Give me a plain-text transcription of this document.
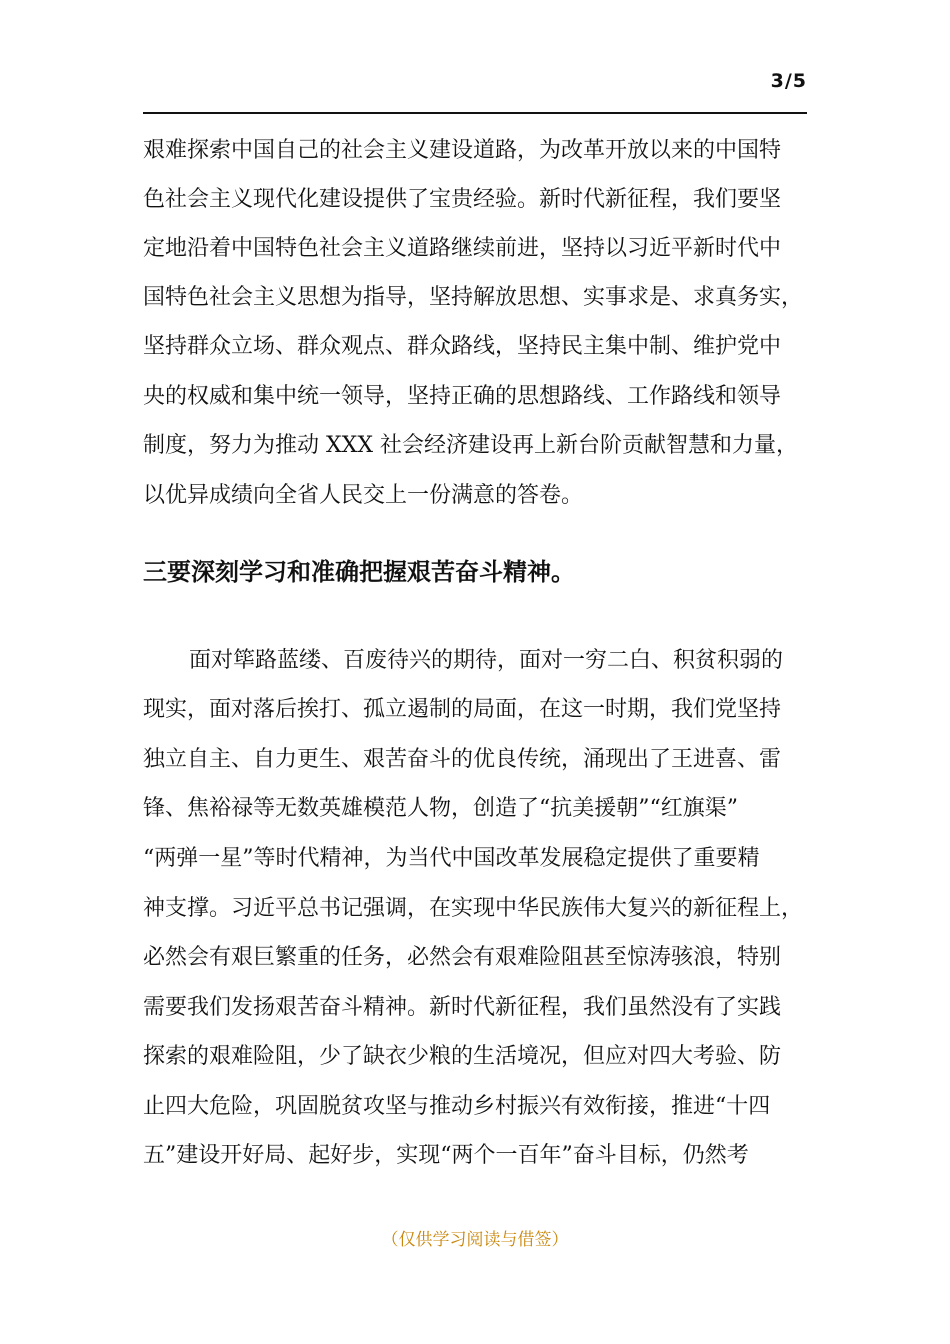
3/5
艰难探索中国自己的社会主义建设道路，为改革开放以来的中国特
色社会主义现代化建设提供了宝贵经验。新时代新征程，我们要坚
定地沿着中国特色社会主义道路继续前进，坚持以习近平新时代中
国特色社会主义思想为指导，坚持解放思想、实事求是、求真务实，
坚持群众立场、群众观点、群众路线，坚持民主集中制、维护党中
央的权威和集中统一领导，坚持正确的思想路线、工作路线和领导
制度，努力为推动 XXX 社会经济建设再上新台阶贡献智慧和力量，
以优异成绩向全省人民交上一份满意的答卷。
三要深刻学习和准确把握艰苦奋斗精神。
面对筚路蓝缕、百废待兴的期待，面对一穷二白、积贫积弱的
现实，面对落后挨打、孤立遏制的局面，在这一时期，我们党坚持
独立自主、自力更生、艰苦奋斗的优良传统，涌现出了王进喜、雷
锋、焦裕禄等无数英雄模范人物，创造了“抗美援朝”“红旗渠”
“两弹一星”等时代精神，为当代中国改革发展稳定提供了重要精
神支撑。习近平总书记强调，在实现中华民族伟大复兴的新征程上，
必然会有艰巨繁重的任务，必然会有艰难险阻甚至惊涛骇浪，特别
需要我们发扬艰苦奋斗精神。新时代新征程，我们虽然没有了实践
探索的艰难险阻，少了缺衣少粮的生活境况，但应对四大考验、防
止四大危险，巩固脱贫攻坚与推动乡村振兴有效衔接，推进“十四
五”建设开好局、起好步，实现“两个一百年”奋斗目标，仍然考
（仅供学习阅读与借签）
